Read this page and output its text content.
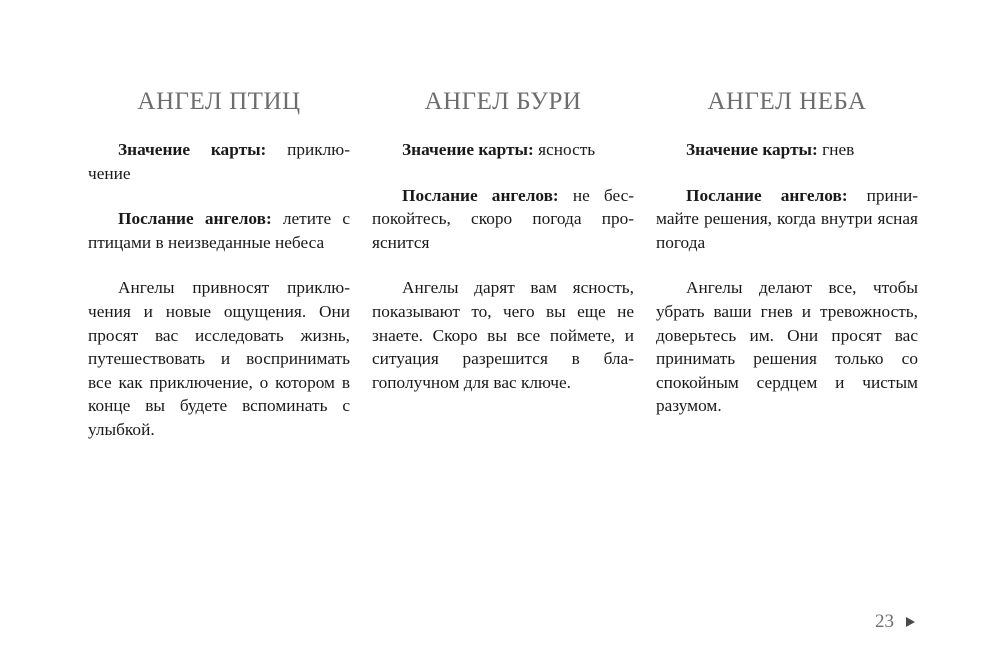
АНГЕЛ ПТИЦ

Значение карты: приключение

Послание ангелов: летите с птицами в неизведанные небеса

Ангелы привносят приключения и новые ощущения. Они просят вас исследовать жизнь, путешествовать и воспринимать все как приключение, о котором в конце вы будете вспоминать с улыбкой.

АНГЕЛ БУРИ

Значение карты: ясность

Послание ангелов: не беспокойтесь, скоро погода прояснится

Ангелы дарят вам ясность, показывают то, чего вы еще не знаете. Скоро вы все поймете, и ситуация разрешится в благополучном для вас ключе.

АНГЕЛ НЕБА

Значение карты: гнев

Послание ангелов: принимайте решения, когда внутри ясная погода

Ангелы делают все, чтобы убрать ваши гнев и тревожность, доверьтесь им. Они просят вас принимать решения только со спокойным сердцем и чистым разумом.

23
